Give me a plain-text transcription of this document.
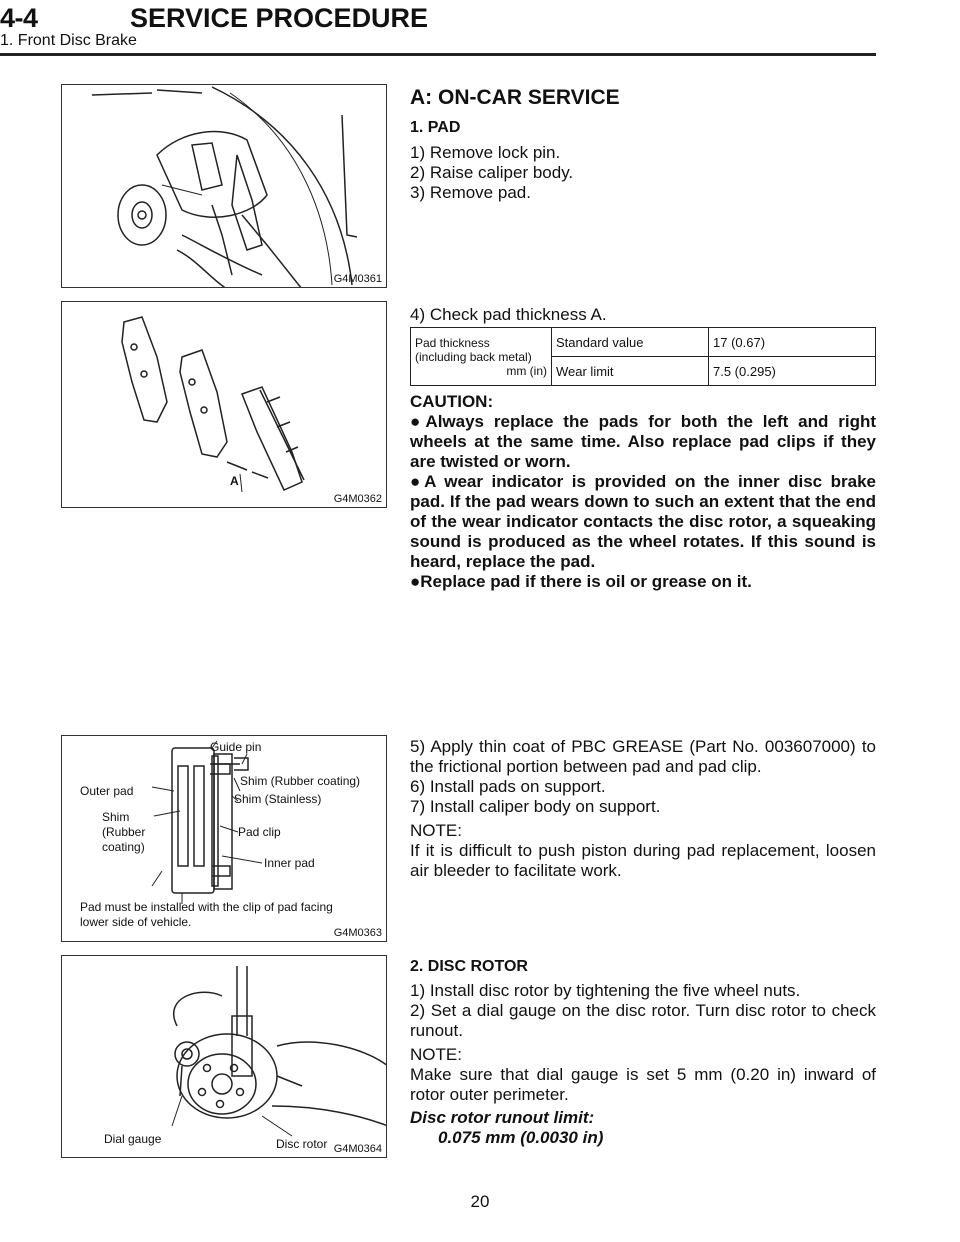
4-4	SERVICE PROCEDURE
1. Front Disc Brake
G4M0361
A: ON-CAR SERVICE
1. PAD
1) Remove lock pin.
2) Raise caliper body.
3) Remove pad.
A
G4M0362
4) Check pad thickness A.
Pad thickness
(including back metal)
mm (in)	Standard value	17 (0.67)
	Wear limit	7.5 (0.295)
CAUTION:
●Always replace the pads for both the left and right wheels at the same time. Also replace pad clips if they are twisted or worn.
●A wear indicator is provided on the inner disc brake pad. If the pad wears down to such an extent that the end of the wear indicator contacts the disc rotor, a squeaking sound is produced as the wheel rotates. If this sound is heard, replace the pad.
●Replace pad if there is oil or grease on it.
Guide pin
Shim (Rubber coating)
Shim (Stainless)
Outer pad
Shim
(Rubber
coating)
Pad clip
Inner pad
Pad must be installed with the clip of pad facing
lower side of vehicle.
G4M0363
5) Apply thin coat of PBC GREASE (Part No. 003607000) to the frictional portion between pad and pad clip.
6) Install pads on support.
7) Install caliper body on support.
NOTE:
If it is difficult to push piston during pad replacement, loosen air bleeder to facilitate work.
Dial gauge	Disc rotor G4M0364
2. DISC ROTOR
1) Install disc rotor by tightening the five wheel nuts.
2) Set a dial gauge on the disc rotor. Turn disc rotor to check runout.
NOTE:
Make sure that dial gauge is set 5 mm (0.20 in) inward of rotor outer perimeter.
Disc rotor runout limit:
0.075 mm (0.0030 in)
20
